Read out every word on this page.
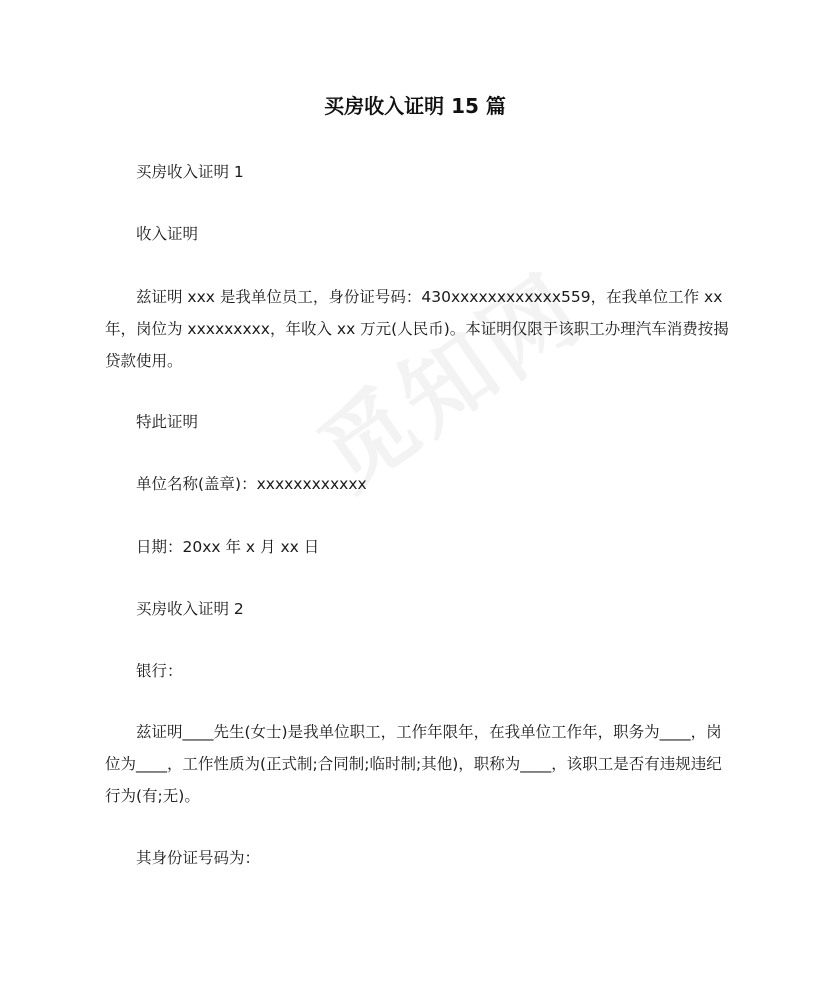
买房收入证明 15 篇

买房收入证明 1

收入证明

兹证明 xxx 是我单位员工，身份证号码：430xxxxxxxxxxxx559，在我单位工作 xx 年，岗位为 xxxxxxxxx，年收入 xx 万元(人民币)。本证明仅限于该职工办理汽车消费按揭贷款使用。

特此证明

单位名称(盖章)：xxxxxxxxxxxx

日期：20xx 年 x 月 xx 日

买房收入证明 2

银行：

兹证明____先生(女士)是我单位职工，工作年限年，在我单位工作年，职务为____，岗位为____，工作性质为(正式制;合同制;临时制;其他)，职称为____，该职工是否有违规违纪行为(有;无)。

其身份证号码为：
